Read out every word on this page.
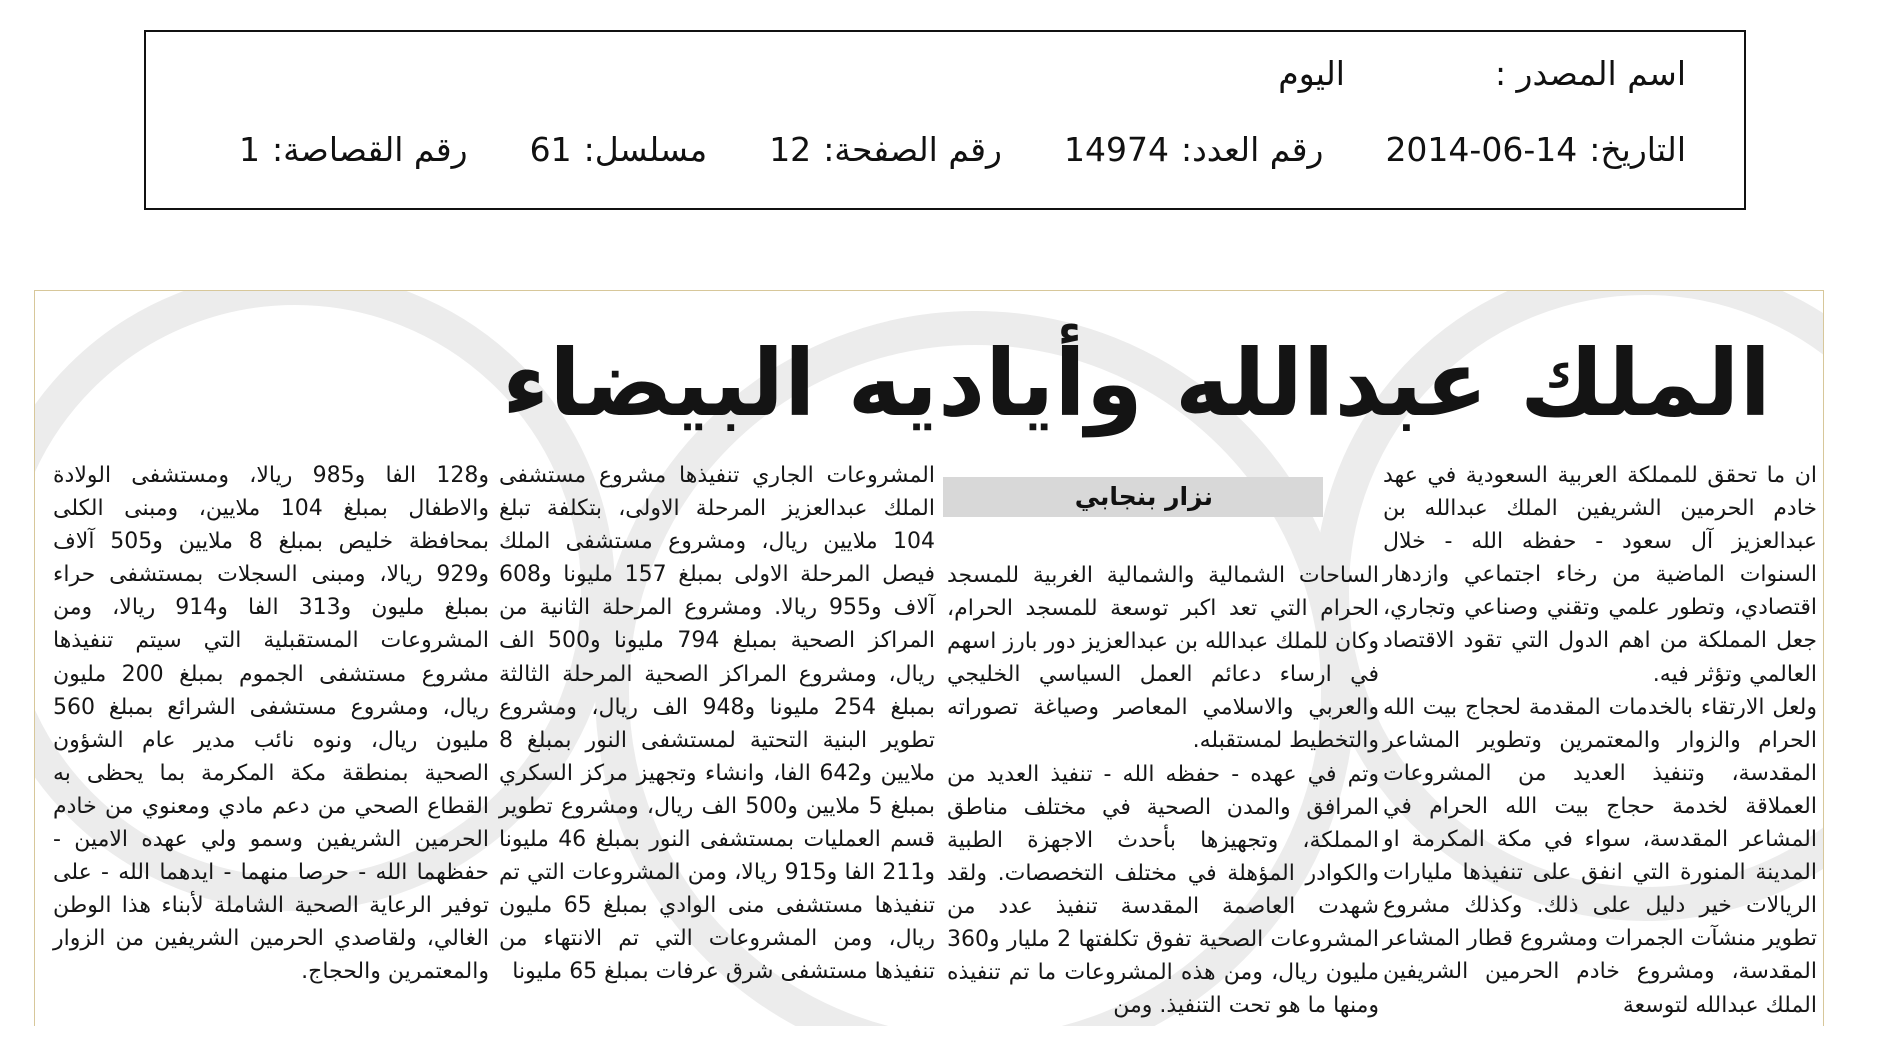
اسم المصدر :
اليوم
التاريخ:2014-06-14
رقم العدد:14974
رقم الصفحة:12
مسلسل:61
رقم القصاصة:1
الملك عبدالله وأياديه البيضاء
نزار بنجابي

ان ما تحقق للمملكة العربية السعودية في عهد خادم الحرمين الشريفين الملك عبدالله بن عبدالعزيز آل سعود - حفظه الله - خلال السنوات الماضية من رخاء اجتماعي وازدهار اقتصادي، وتطور علمي وتقني وصناعي وتجاري، جعل المملكة من اهم الدول التي تقود الاقتصاد العالمي وتؤثر فيه.

ولعل الارتقاء بالخدمات المقدمة لحجاج بيت الله الحرام والزوار والمعتمرين وتطوير المشاعر المقدسة، وتنفيذ العديد من المشروعات العملاقة لخدمة حجاج بيت الله الحرام في المشاعر المقدسة، سواء في مكة المكرمة او المدينة المنورة التي انفق على تنفيذها مليارات الريالات خير دليل على ذلك. وكذلك مشروع تطوير منشآت الجمرات ومشروع قطار المشاعر المقدسة، ومشروع خادم الحرمين الشريفين الملك عبدالله لتوسعة

الساحات الشمالية والشمالية الغربية للمسجد الحرام التي تعد اكبر توسعة للمسجد الحرام، وكان للملك عبدالله بن عبدالعزيز دور بارز اسهم في ارساء دعائم العمل السياسي الخليجي والعربي والاسلامي المعاصر وصياغة تصوراته والتخطيط لمستقبله.

وتم في عهده - حفظه الله - تنفيذ العديد من المرافق والمدن الصحية في مختلف مناطق المملكة، وتجهيزها بأحدث الاجهزة الطبية والكوادر المؤهلة في مختلف التخصصات. ولقد شهدت العاصمة المقدسة تنفيذ عدد من المشروعات الصحية تفوق تكلفتها 2 مليار و360 مليون ريال، ومن هذه المشروعات ما تم تنفيذه ومنها ما هو تحت التنفيذ. ومن

المشروعات الجاري تنفيذها مشروع مستشفى الملك عبدالعزيز المرحلة الاولى، بتكلفة تبلغ 104 ملايين ريال، ومشروع مستشفى الملك فيصل المرحلة الاولى بمبلغ 157 مليونا و608 آلاف و955 ريالا. ومشروع المرحلة الثانية من المراكز الصحية بمبلغ 794 مليونا و500 الف ريال، ومشروع المراكز الصحية المرحلة الثالثة بمبلغ 254 مليونا و948 الف ريال، ومشروع تطوير البنية التحتية لمستشفى النور بمبلغ 8 ملايين و642 الفا، وانشاء وتجهيز مركز السكري بمبلغ 5 ملايين و500 الف ريال، ومشروع تطوير قسم العمليات بمستشفى النور بمبلغ 46 مليونا و211 الفا و915 ريالا، ومن المشروعات التي تم تنفيذها مستشفى منى الوادي بمبلغ 65 مليون ريال، ومن المشروعات التي تم الانتهاء من تنفيذها مستشفى شرق عرفات بمبلغ 65 مليونا

و128 الفا و985 ريالا، ومستشفى الولادة والاطفال بمبلغ 104 ملايين، ومبنى الكلى بمحافظة خليص بمبلغ 8 ملايين و505 آلاف و929 ريالا، ومبنى السجلات بمستشفى حراء بمبلغ مليون و313 الفا و914 ريالا، ومن المشروعات المستقبلية التي سيتم تنفيذها مشروع مستشفى الجموم بمبلغ 200 مليون ريال، ومشروع مستشفى الشرائع بمبلغ 560 مليون ريال، ونوه نائب مدير عام الشؤون الصحية بمنطقة مكة المكرمة بما يحظى به القطاع الصحي من دعم مادي ومعنوي من خادم الحرمين الشريفين وسمو ولي عهده الامين - حفظهما الله - حرصا منهما - ايدهما الله - على توفير الرعاية الصحية الشاملة لأبناء هذا الوطن الغالي، ولقاصدي الحرمين الشريفين من الزوار والمعتمرين والحجاج.
